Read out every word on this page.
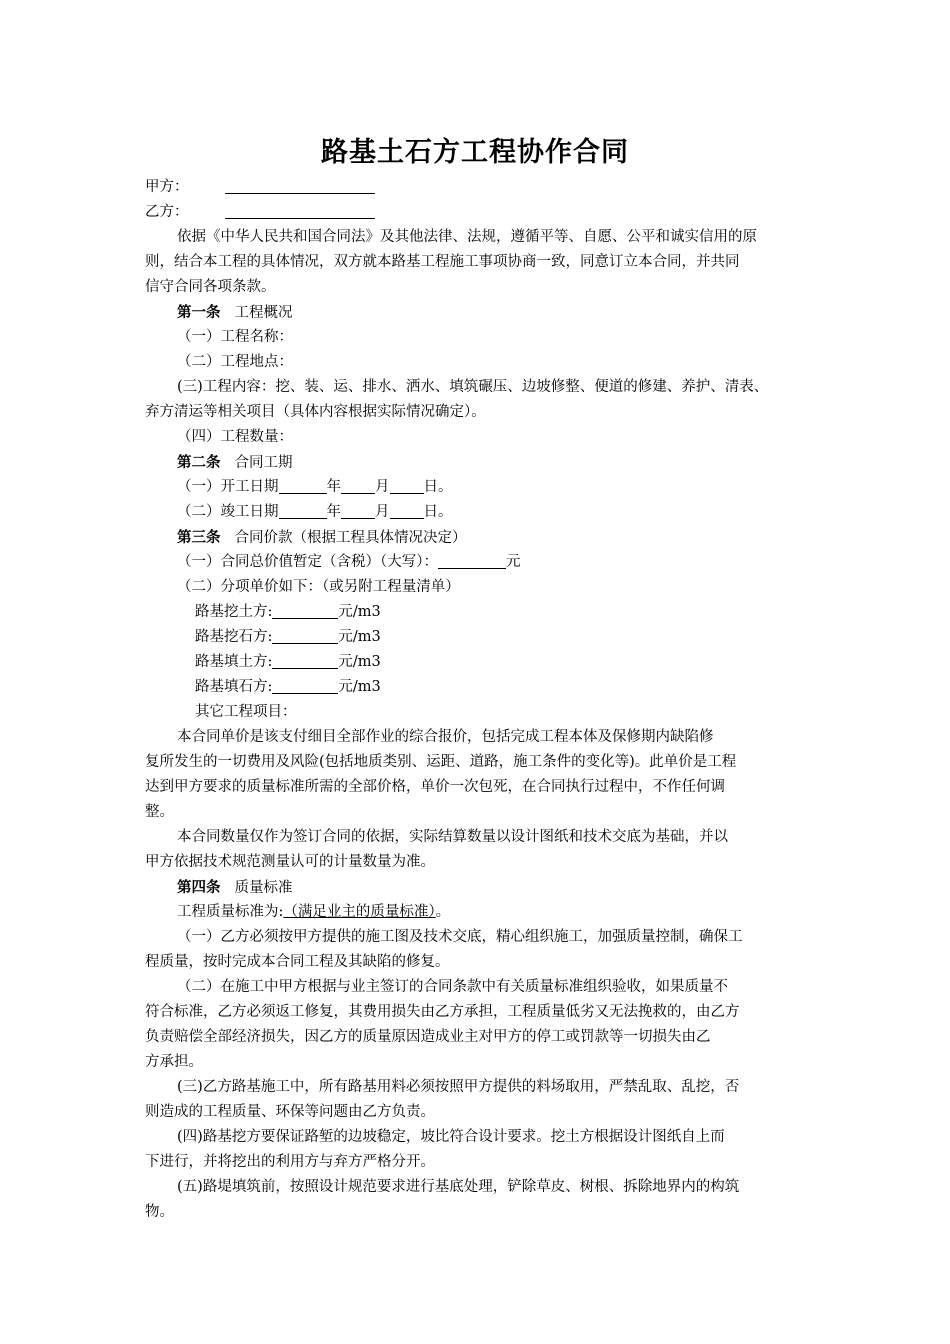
路基土石方工程协作合同
甲方：
乙方：
依据《中华人民共和国合同法》及其他法律、法规，遵循平等、自愿、公平和诚实信用的原
则，结合本工程的具体情况，双方就本路基工程施工事项协商一致，同意订立本合同，并共同
信守合同各项条款。
第一条 工程概况
（一）工程名称：
（二）工程地点：
(三)工程内容：挖、装、运、排水、洒水、填筑碾压、边坡修整、便道的修建、养护、清表、
弃方清运等相关项目（具体内容根据实际情况确定）。
（四）工程数量：
第二条 合同工期
（一）开工日期	年 月 日。
（二）竣工日期	年 月 日。
第三条 合同价款（根据工程具体情况决定）
（一）合同总价值暂定（含税）（大写）：	元
（二）分项单价如下：（或另附工程量清单）
路基挖土方:	元/m3
路基挖石方:	元/m3
路基填土方:	元/m3
路基填石方:	元/m3
其它工程项目：
本合同单价是该支付细目全部作业的综合报价，包括完成工程本体及保修期内缺陷修
复所发生的一切费用及风险(包括地质类别、运距、道路，施工条件的变化等)。此单价是工程
达到甲方要求的质量标准所需的全部价格，单价一次包死，在合同执行过程中，不作任何调
整。
本合同数量仅作为签订合同的依据，实际结算数量以设计图纸和技术交底为基础，并以
甲方依据技术规范测量认可的计量数量为准。
第四条 质量标准
工程质量标准为:（满足业主的质量标准）。
（一）乙方必须按甲方提供的施工图及技术交底，精心组织施工，加强质量控制，确保工
程质量，按时完成本合同工程及其缺陷的修复。
（二）在施工中甲方根据与业主签订的合同条款中有关质量标准组织验收，如果质量不
符合标准，乙方必须返工修复，其费用损失由乙方承担，工程质量低劣又无法挽救的，由乙方
负责赔偿全部经济损失，因乙方的质量原因造成业主对甲方的停工或罚款等一切损失由乙
方承担。
(三)乙方路基施工中，所有路基用料必须按照甲方提供的料场取用，严禁乱取、乱挖，否
则造成的工程质量、环保等问题由乙方负责。
(四)路基挖方要保证路堑的边坡稳定，坡比符合设计要求。挖土方根据设计图纸自上而
下进行，并将挖出的利用方与弃方严格分开。
(五)路堤填筑前，按照设计规范要求进行基底处理，铲除草皮、树根、拆除地界内的构筑
物。
